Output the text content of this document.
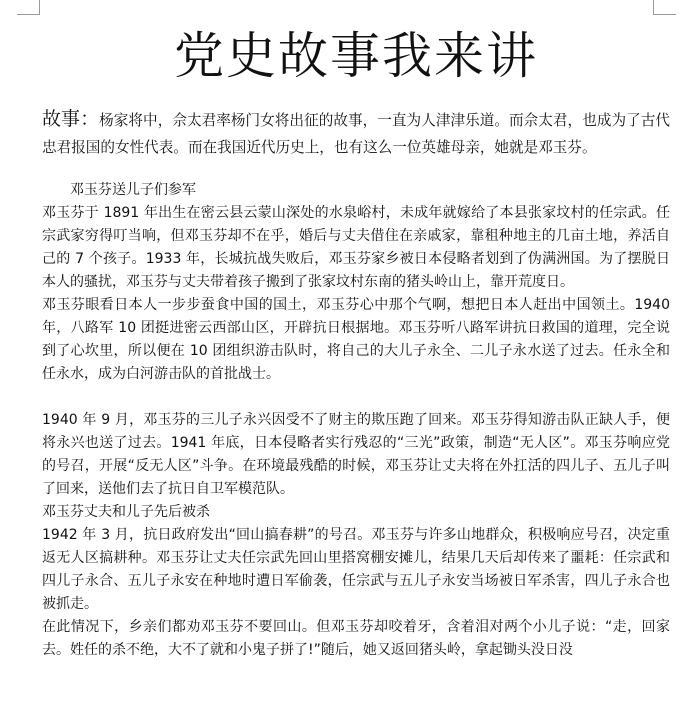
党史故事我来讲

故事：杨家将中，佘太君率杨门女将出征的故事，一直为人津津乐道。而佘太君，也成为了古代忠君报国的女性代表。而在我国近代历史上，也有这么一位英雄母亲，她就是邓玉芬。

邓玉芬送儿子们参军

邓玉芬于 1891 年出生在密云县云蒙山深处的水泉峪村，未成年就嫁给了本县张家坟村的任宗武。任宗武家穷得叮当响，但邓玉芬却不在乎，婚后与丈夫借住在亲戚家，靠租种地主的几亩土地，养活自己的 7 个孩子。1933 年，长城抗战失败后，邓玉芬家乡被日本侵略者划到了伪满洲国。为了摆脱日本人的骚扰，邓玉芬与丈夫带着孩子搬到了张家坟村东南的猪头岭山上，靠开荒度日。

邓玉芬眼看日本人一步步蚕食中国的国土，邓玉芬心中那个气啊，想把日本人赶出中国领土。1940 年，八路军 10 团挺进密云西部山区，开辟抗日根据地。邓玉芬听八路军讲抗日救国的道理，完全说到了心坎里，所以便在 10 团组织游击队时，将自己的大儿子永全、二儿子永水送了过去。任永全和任永水，成为白河游击队的首批战士。

1940 年 9 月，邓玉芬的三儿子永兴因受不了财主的欺压跑了回来。邓玉芬得知游击队正缺人手，便将永兴也送了过去。1941 年底，日本侵略者实行残忍的“三光”政策，制造“无人区”。邓玉芬响应党的号召，开展“反无人区”斗争。在环境最残酷的时候，邓玉芬让丈夫将在外扛活的四儿子、五儿子叫了回来，送他们去了抗日自卫军模范队。

邓玉芬丈夫和儿子先后被杀

1942 年 3 月，抗日政府发出“回山搞春耕”的号召。邓玉芬与许多山地群众，积极响应号召，决定重返无人区搞耕种。邓玉芬让丈夫任宗武先回山里搭窝棚安摊儿，结果几天后却传来了噩耗：任宗武和四儿子永合、五儿子永安在种地时遭日军偷袭，任宗武与五儿子永安当场被日军杀害，四儿子永合也被抓走。

在此情况下，乡亲们都劝邓玉芬不要回山。但邓玉芬却咬着牙，含着泪对两个小儿子说：“走，回家去。姓任的杀不绝，大不了就和小鬼子拼了!”随后，她又返回猪头岭，拿起锄头没日没
